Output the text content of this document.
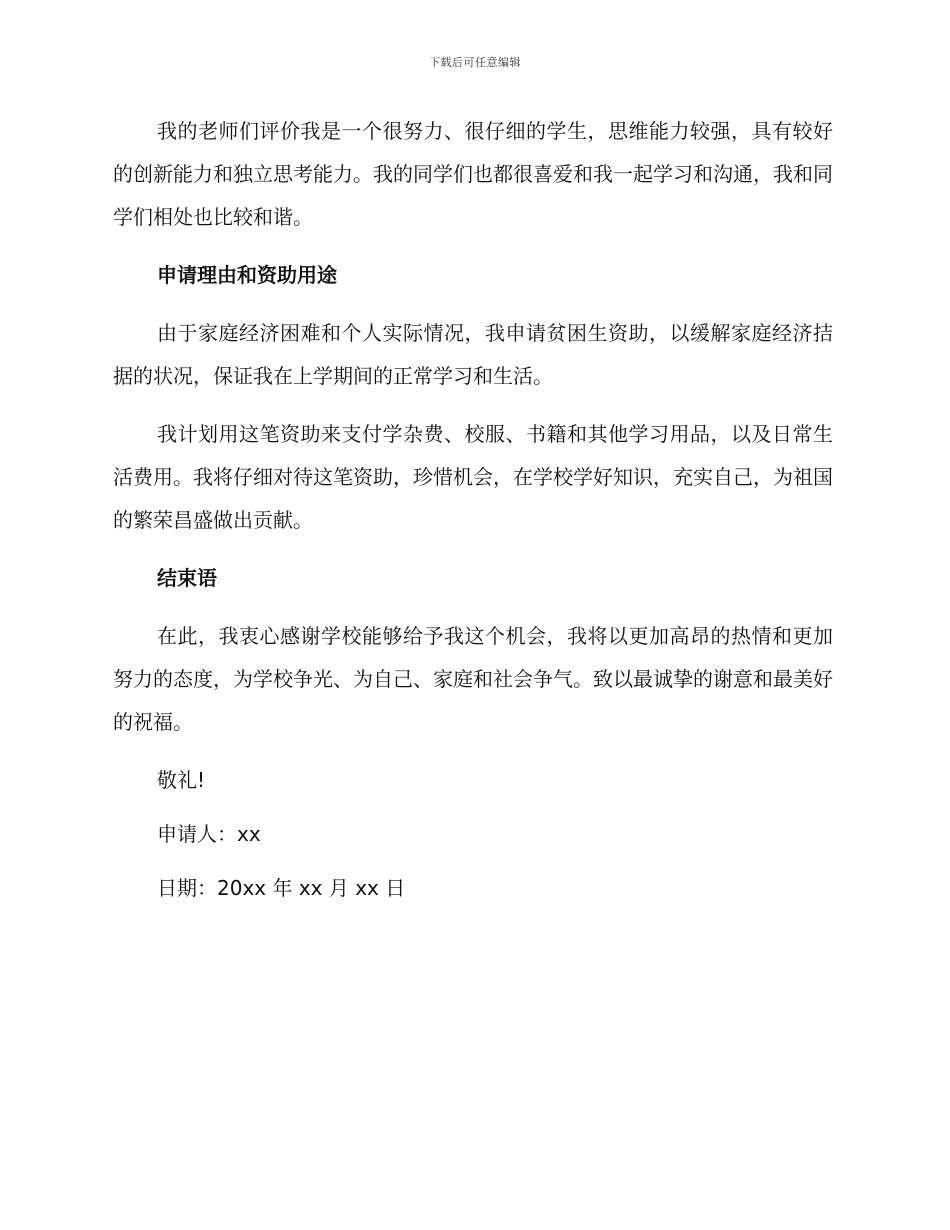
下载后可任意编辑

我的老师们评价我是一个很努力、很仔细的学生，思维能力较强，具有较好的创新能力和独立思考能力。我的同学们也都很喜爱和我一起学习和沟通，我和同学们相处也比较和谐。

申请理由和资助用途

由于家庭经济困难和个人实际情况，我申请贫困生资助，以缓解家庭经济拮据的状况，保证我在上学期间的正常学习和生活。

我计划用这笔资助来支付学杂费、校服、书籍和其他学习用品，以及日常生活费用。我将仔细对待这笔资助，珍惜机会，在学校学好知识，充实自己，为祖国的繁荣昌盛做出贡献。

结束语

在此，我衷心感谢学校能够给予我这个机会，我将以更加高昂的热情和更加努力的态度，为学校争光、为自己、家庭和社会争气。致以最诚挚的谢意和最美好的祝福。

敬礼!

申请人：xx

日期：20xx 年 xx 月 xx 日
